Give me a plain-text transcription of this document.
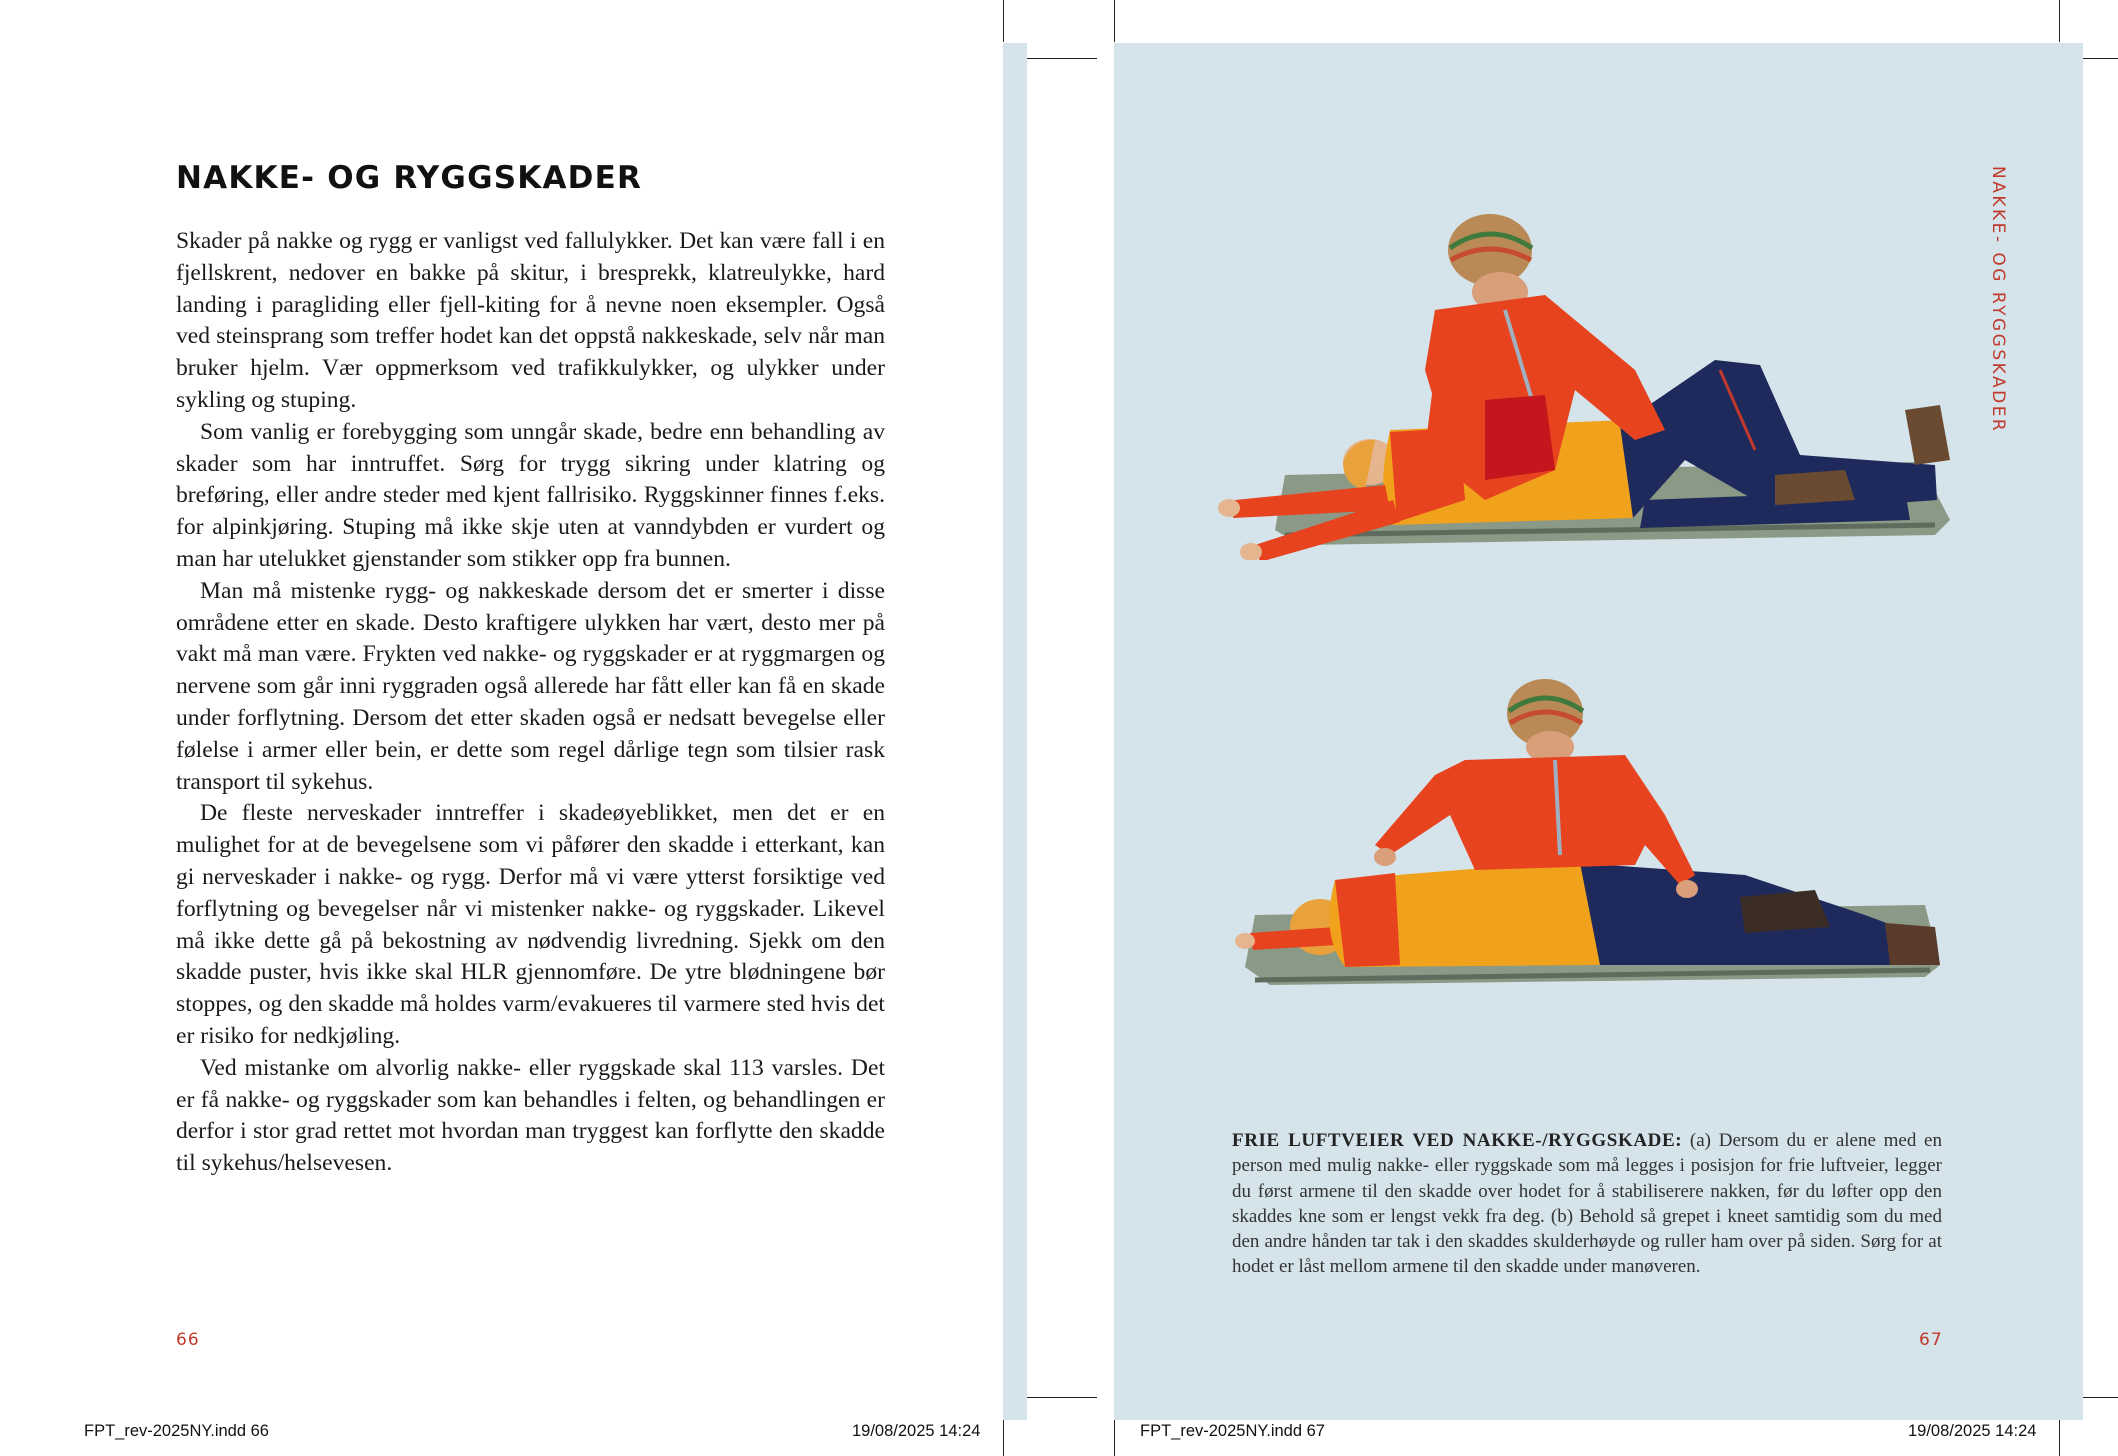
NAKKE- OG RYGGSKADER

Skader på nakke og rygg er vanligst ved fallulykker. Det kan være fall i en fjellskrent, nedover en bakke på skitur, i bresprekk, klatreulykke, hard landing i paragliding eller fjell-kiting for å nevne noen eksempler. Også ved steinsprang som treffer hodet kan det oppstå nakkeskade, selv når man bruker hjelm. Vær oppmerksom ved trafikkulykker, og ulykker under sykling og stuping.

Som vanlig er forebygging som unngår skade, bedre enn behandling av skader som har inntruffet. Sørg for trygg sikring under klatring og breføring, eller andre steder med kjent fallrisiko. Ryggskinner finnes f.eks. for alpinkjøring. Stuping må ikke skje uten at vanndybden er vurdert og man har utelukket gjenstander som stikker opp fra bunnen.

Man må mistenke rygg- og nakkeskade dersom det er smerter i disse områdene etter en skade. Desto kraftigere ulykken har vært, desto mer på vakt må man være. Frykten ved nakke- og ryggskader er at ryggmargen og nervene som går inni ryggraden også allerede har fått eller kan få en skade under forflytning. Dersom det etter skaden også er nedsatt bevegelse eller følelse i armer eller bein, er dette som regel dårlige tegn som tilsier rask transport til sykehus.

De fleste nerveskader inntreffer i skadeøyeblikket, men det er en mulighet for at de bevegelsene som vi påfører den skadde i etterkant, kan gi nerveskader i nakke- og rygg. Derfor må vi være ytterst forsiktige ved forflytning og bevegelser når vi mistenker nakke- og ryggskader. Likevel må ikke dette gå på bekostning av nødvendig livredning. Sjekk om den skadde puster, hvis ikke skal HLR gjennomføre. De ytre blødningene bør stoppes, og den skadde må holdes varm/evakueres til varmere sted hvis det er risiko for nedkjøling.

Ved mistanke om alvorlig nakke- eller ryggskade skal 113 varsles. Det er få nakke- og ryggskader som kan behandles i felten, og behandlingen er derfor i stor grad rettet mot hvordan man tryggest kan forflytte den skadde til sykehus/helsevesen.

66
FPT_rev-2025NY.indd 66	19/08/2025 14:24
NAKKE- OG RYGGSKADER
FRIE LUFTVEIER VED NAKKE-/RYGGSKADE: (a) Dersom du er alene med en person med mulig nakke- eller ryggskade som må legges i posisjon for frie luftveier, legger du først armene til den skadde over hodet for å stabiliserere nakken, før du løfter opp den skaddes kne som er lengst vekk fra deg. (b) Behold så grepet i kneet samtidig som du med den andre hånden tar tak i den skaddes skulderhøyde og ruller ham over på siden. Sørg for at hodet er låst mellom armene til den skadde under manøveren.
67
FPT_rev-2025NY.indd 67	19/08/2025 14:24
